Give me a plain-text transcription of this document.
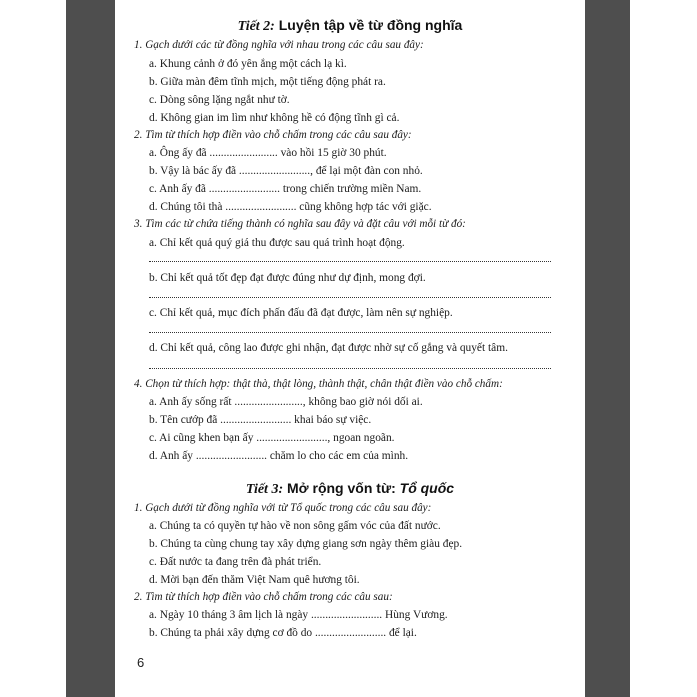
Tiết 2: Luyện tập về từ đồng nghĩa
1. Gạch dưới các từ đồng nghĩa với nhau trong các câu sau đây:
a. Khung cảnh ở đó yên ắng một cách lạ kì.
b. Giữa màn đêm tĩnh mịch, một tiếng động phát ra.
c. Dòng sông lặng ngắt như tờ.
d. Không gian im lìm như không hề có động tĩnh gì cả.
2. Tìm từ thích hợp điền vào chỗ chấm trong các câu sau đây:
a. Ông ấy đã ........................ vào hồi 15 giờ 30 phút.
b. Vậy là bác ấy đã ........................., để lại một đàn con nhỏ.
c. Anh ấy đã ......................... trong chiến trường miền Nam.
d. Chúng tôi thà ......................... cũng không hợp tác với giặc.
3. Tìm các từ chứa tiếng thành có nghĩa sau đây và đặt câu với mỗi từ đó:
a. Chỉ kết quả quý giá thu được sau quá trình hoạt động.
b. Chỉ kết quả tốt đẹp đạt được đúng như dự định, mong đợi.
c. Chỉ kết quả, mục đích phấn đấu đã đạt được, làm nên sự nghiệp.
d. Chỉ kết quả, công lao được ghi nhận, đạt được nhờ sự cố gắng và quyết tâm.
4. Chọn từ thích hợp: thật thà, thật lòng, thành thật, chân thật điền vào chỗ chấm:
a. Anh ấy sống rất ........................, không bao giờ nói dối ai.
b. Tên cướp đã ......................... khai báo sự việc.
c. Ai cũng khen bạn ấy ........................., ngoan ngoãn.
d. Anh ấy ......................... chăm lo cho các em của mình.
Tiết 3: Mở rộng vốn từ: Tổ quốc
1. Gạch dưới từ đồng nghĩa với từ Tổ quốc trong các câu sau đây:
a. Chúng ta có quyền tự hào về non sông gấm vóc của đất nước.
b. Chúng ta cùng chung tay xây dựng giang sơn ngày thêm giàu đẹp.
c. Đất nước ta đang trên đà phát triển.
d. Mời bạn đến thăm Việt Nam quê hương tôi.
2. Tìm từ thích hợp điền vào chỗ chấm trong các câu sau:
a. Ngày 10 tháng 3 âm lịch là ngày ......................... Hùng Vương.
b. Chúng ta phải xây dựng cơ đồ do ......................... để lại.
6
